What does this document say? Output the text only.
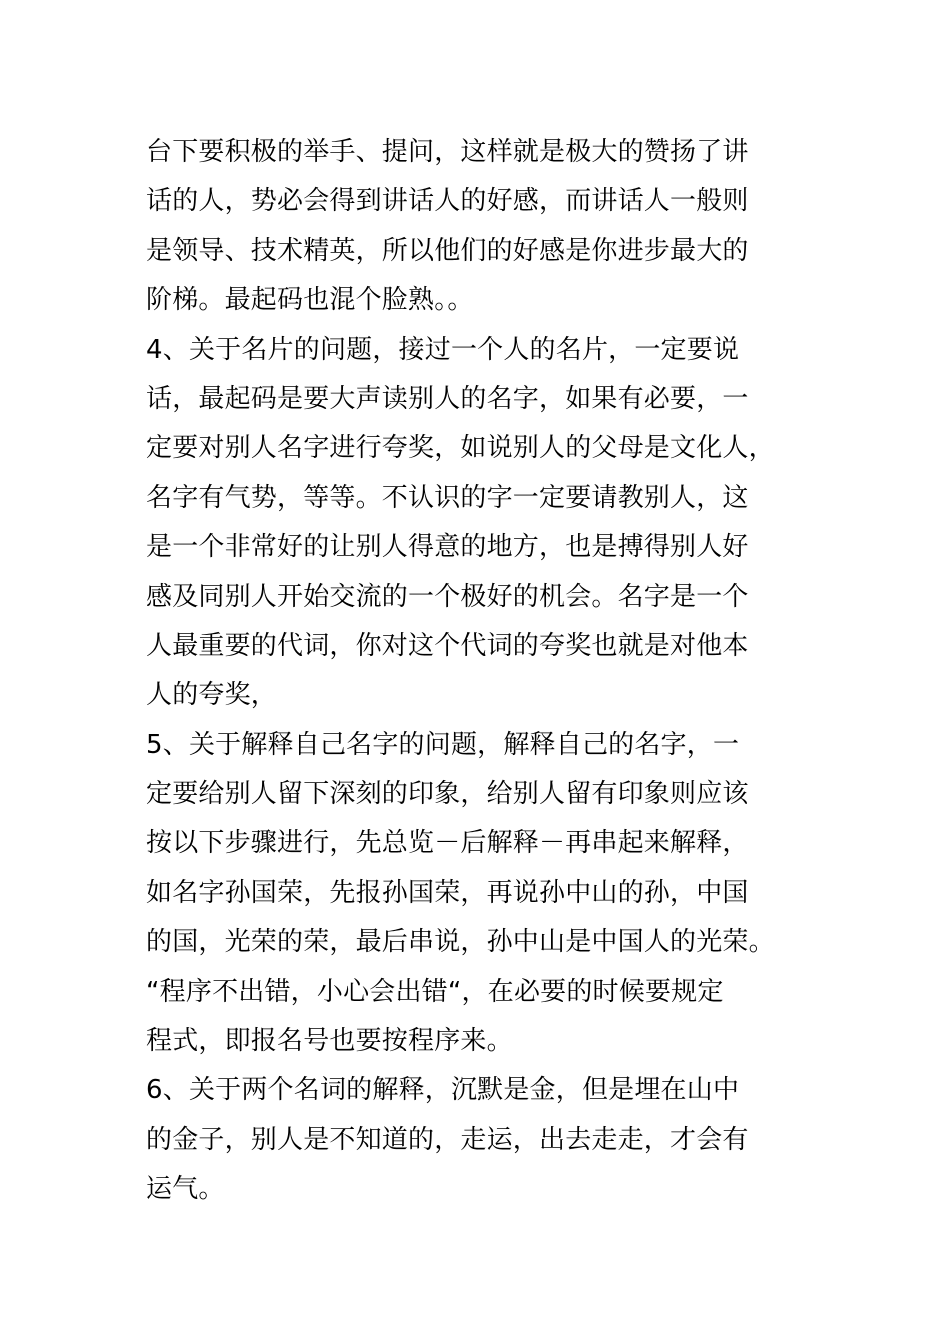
台下要积极的举手、提问，这样就是极大的赞扬了讲
话的人，势必会得到讲话人的好感，而讲话人一般则
是领导、技术精英，所以他们的好感是你进步最大的
阶梯。最起码也混个脸熟。。
4、关于名片的问题，接过一个人的名片，一定要说
话，最起码是要大声读别人的名字，如果有必要，一
定要对别人名字进行夸奖，如说别人的父母是文化人，
名字有气势，等等。不认识的字一定要请教别人，这
是一个非常好的让别人得意的地方，也是搏得别人好
感及同别人开始交流的一个极好的机会。名字是一个
人最重要的代词，你对这个代词的夸奖也就是对他本
人的夸奖，
5、关于解释自己名字的问题，解释自己的名字，一
定要给别人留下深刻的印象，给别人留有印象则应该
按以下步骤进行，先总览－后解释－再串起来解释，
如名字孙国荣，先报孙国荣，再说孙中山的孙，中国
的国，光荣的荣，最后串说，孙中山是中国人的光荣。
“程序不出错，小心会出错“，在必要的时候要规定
程式，即报名号也要按程序来。
6、关于两个名词的解释，沉默是金，但是埋在山中
的金子，别人是不知道的，走运，出去走走，才会有
运气。
